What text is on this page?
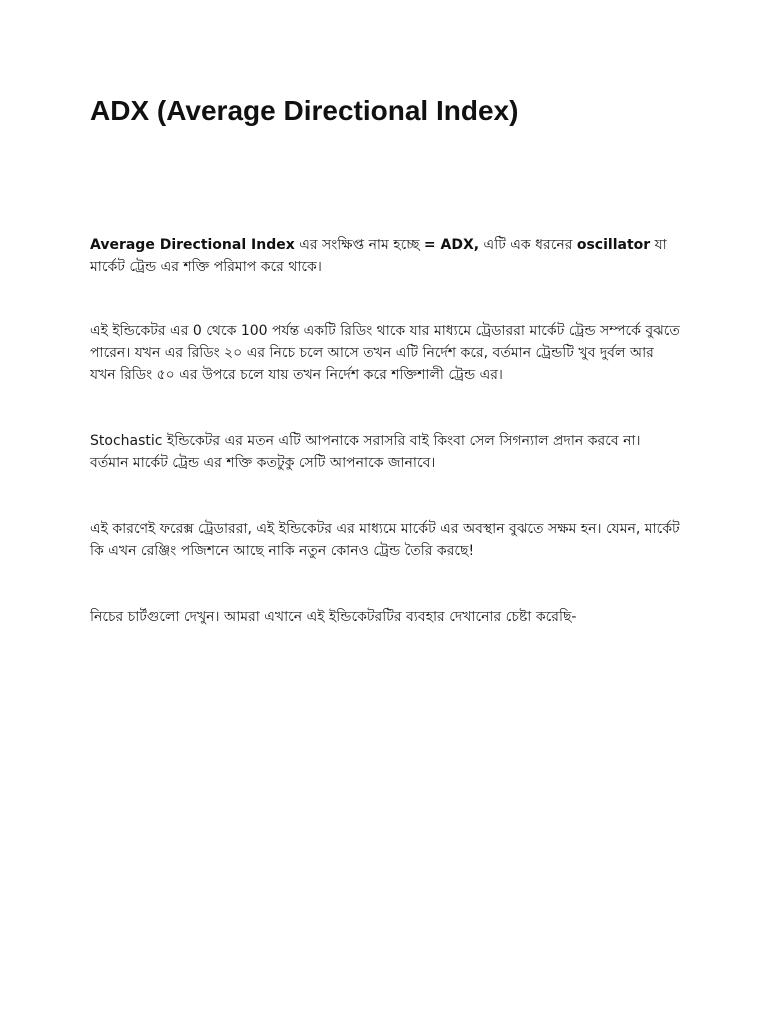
ADX (Average Directional Index)

Average Directional Index এর সংক্ষিপ্ত নাম হচ্ছে = ADX, এটি এক ধরনের oscillator যা মার্কেট ট্রেন্ড এর শক্তি পরিমাপ করে থাকে।

এই ইন্ডিকেটর এর 0 থেকে 100 পর্যন্ত একটি রিডিং থাকে যার মাধ্যমে ট্রেডাররা মার্কেট ট্রেন্ড সম্পর্কে বুঝতে পারেন। যখন এর রিডিং ২০ এর নিচে চলে আসে তখন এটি নির্দেশ করে, বর্তমান ট্রেন্ডটি খুব দুর্বল আর যখন রিডিং ৫০ এর উপরে চলে যায় তখন নির্দেশ করে শক্তিশালী ট্রেন্ড এর।

Stochastic ইন্ডিকেটর এর মতন এটি আপনাকে সরাসরি বাই কিংবা সেল সিগন্যাল প্রদান করবে না। বর্তমান মার্কেট ট্রেন্ড এর শক্তি কতটুকু সেটি আপনাকে জানাবে।

এই কারণেই ফরেক্স ট্রেডাররা, এই ইন্ডিকেটর এর মাধ্যমে মার্কেট এর অবস্থান বুঝতে সক্ষম হন। যেমন, মার্কেট কি এখন রেঞ্জিং পজিশনে আছে নাকি নতুন কোনও ট্রেন্ড তৈরি করছে!

নিচের চার্টগুলো দেখুন। আমরা এখানে এই ইন্ডিকেটরটির ব্যবহার দেখানোর চেষ্টা করেছি-
